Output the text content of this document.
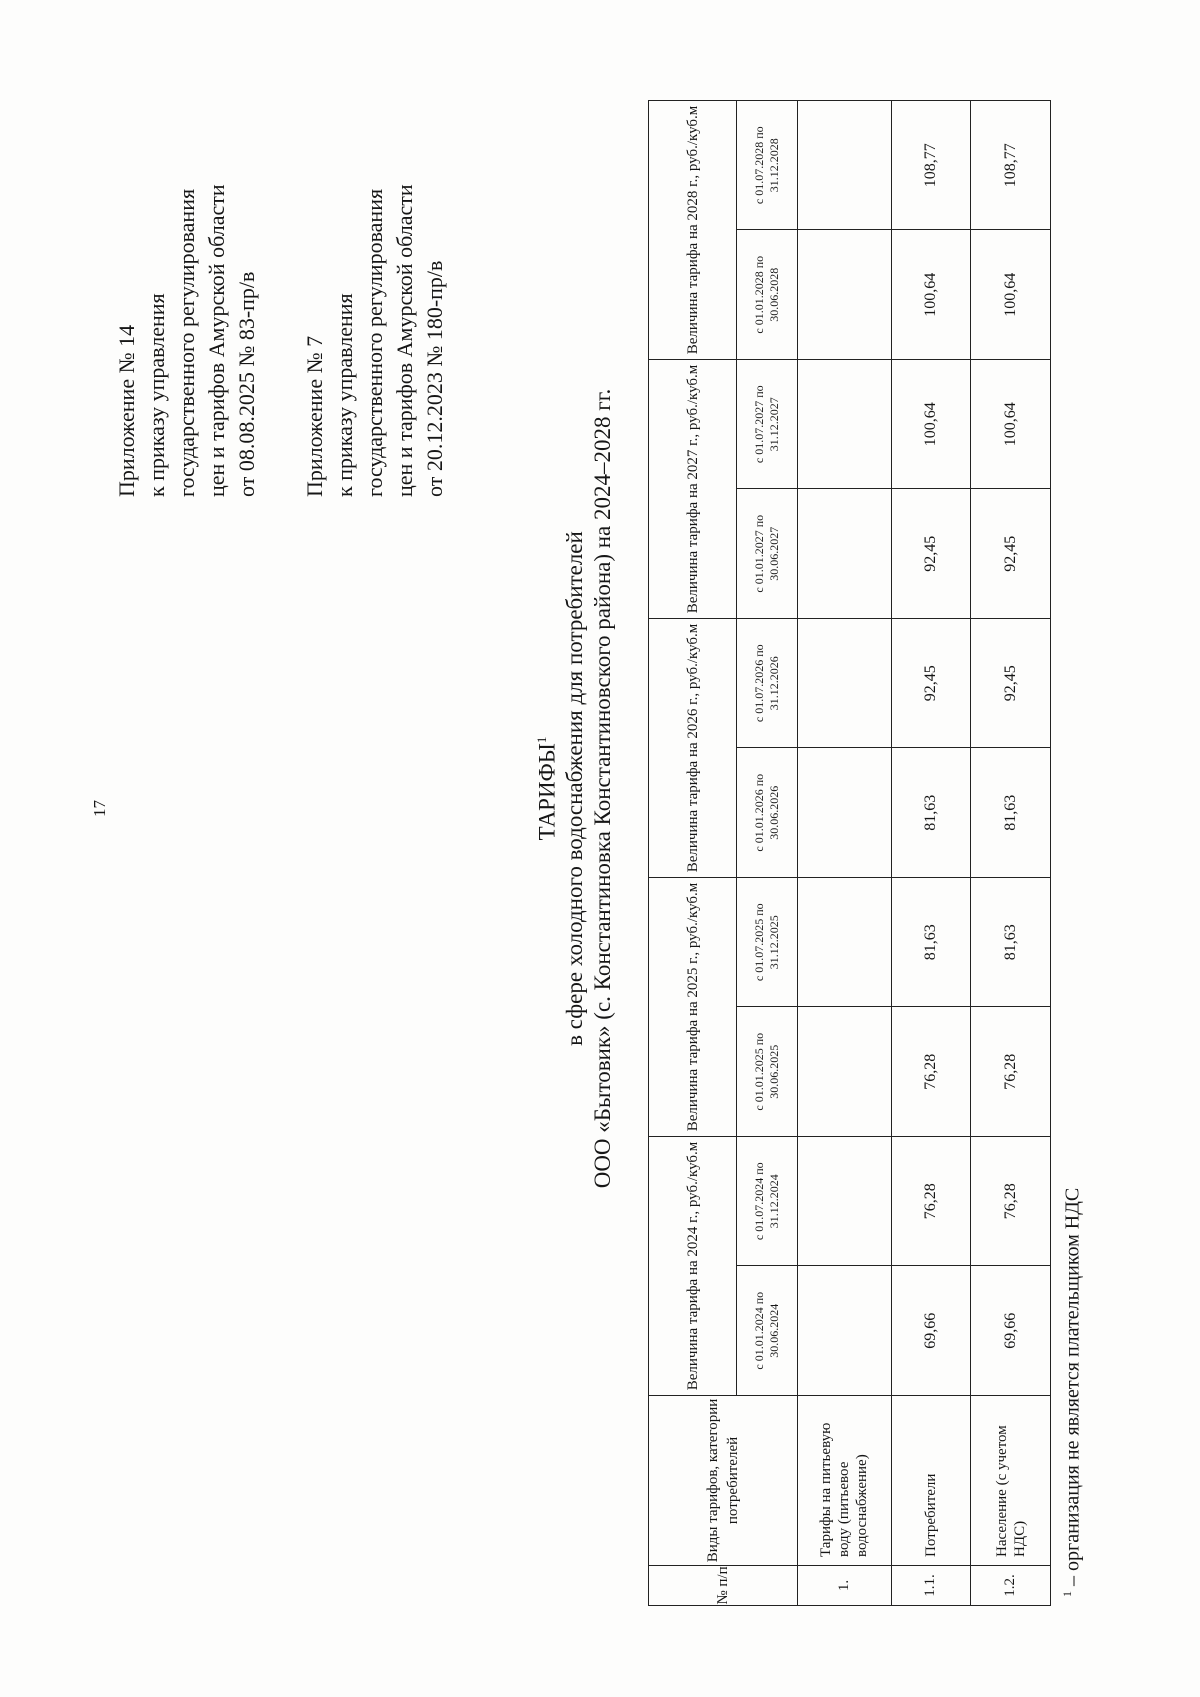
17
Приложение № 14 к приказу управления государственного регулирования цен и тарифов Амурской области от 08.08.2025 № 83-пр/в Приложение № 7 к приказу управления государственного регулирования цен и тарифов Амурской области от 20.12.2023 № 180-пр/в
ТАРИФЫ$^1$ в сфере холодного водоснабжения для потребителей ООО «Бытовик» (с. Константиновка Константиновского района) на 2024–2028 гг.
№ п/п	Виды тарифов, категории потребителей	Величина тарифа на 2024 г., руб./куб.м		Величина тарифа на 2025 г., руб./куб.м		Величина тарифа на 2026 г., руб./куб.м		Величина тарифа на 2027 г., руб./куб.м		Величина тарифа на 2028 г., руб./куб.м	
		с 01.01.2024 по 30.06.2024	с 01.07.2024 по 31.12.2024	с 01.01.2025 по 30.06.2025	с 01.07.2025 по 31.12.2025	с 01.01.2026 по 30.06.2026	с 01.07.2026 по 31.12.2026	с 01.01.2027 по 30.06.2027	с 01.07.2027 по 31.12.2027	с 01.01.2028 по 30.06.2028	с 01.07.2028 по 31.12.2028
1.	Тарифы на питьевую воду (питьевое водоснабжение)										
1.1.	Потребители	69,66	76,28	76,28	81,63	81,63	92,45	92,45	100,64	100,64	108,77
1.2.	Население (с учетом НДС)	69,66	76,28	76,28	81,63	81,63	92,45	92,45	100,64	100,64	108,77
$^1$ – организация не является плательщиком НДС
